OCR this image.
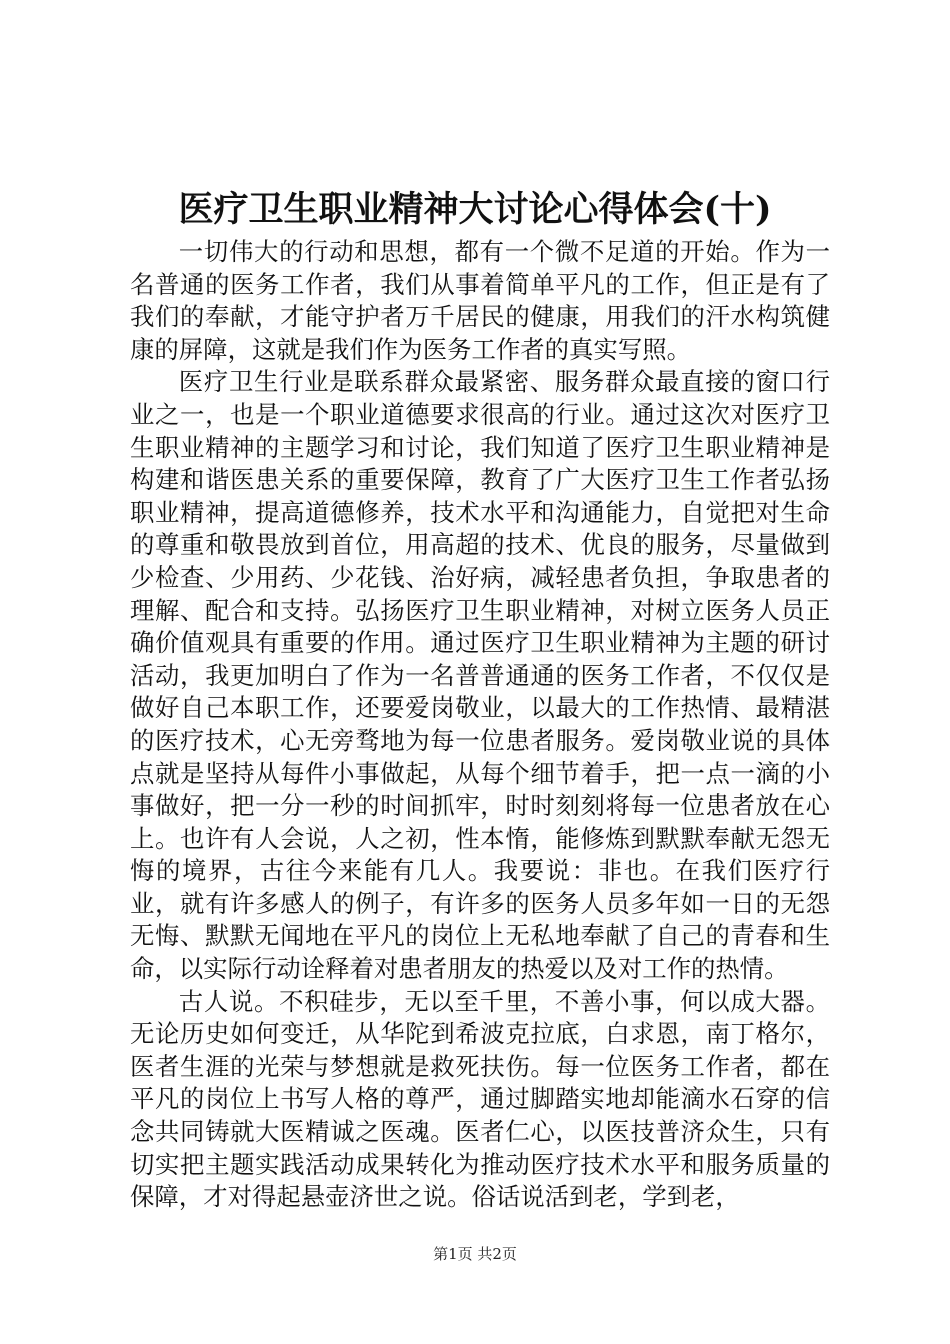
医疗卫生职业精神大讨论心得体会(十)

一切伟大的行动和思想，都有一个微不足道的开始。作为一名普通的医务工作者，我们从事着简单平凡的工作，但正是有了我们的奉献，才能守护者万千居民的健康，用我们的汗水构筑健康的屏障，这就是我们作为医务工作者的真实写照。

医疗卫生行业是联系群众最紧密、服务群众最直接的窗口行业之一，也是一个职业道德要求很高的行业。通过这次对医疗卫生职业精神的主题学习和讨论，我们知道了医疗卫生职业精神是构建和谐医患关系的重要保障，教育了广大医疗卫生工作者弘扬职业精神，提高道德修养，技术水平和沟通能力，自觉把对生命的尊重和敬畏放到首位，用高超的技术、优良的服务，尽量做到少检查、少用药、少花钱、治好病，减轻患者负担，争取患者的理解、配合和支持。弘扬医疗卫生职业精神，对树立医务人员正确价值观具有重要的作用。通过医疗卫生职业精神为主题的研讨活动，我更加明白了作为一名普普通通的医务工作者，不仅仅是做好自己本职工作，还要爱岗敬业，以最大的工作热情、最精湛的医疗技术，心无旁骛地为每一位患者服务。爱岗敬业说的具体点就是坚持从每件小事做起，从每个细节着手，把一点一滴的小事做好，把一分一秒的时间抓牢，时时刻刻将每一位患者放在心上。也许有人会说，人之初，性本惰，能修炼到默默奉献无怨无悔的境界，古往今来能有几人。我要说：非也。在我们医疗行业，就有许多感人的例子，有许多的医务人员多年如一日的无怨无悔、默默无闻地在平凡的岗位上无私地奉献了自己的青春和生命，以实际行动诠释着对患者朋友的热爱以及对工作的热情。

古人说。不积硅步，无以至千里，不善小事，何以成大器。无论历史如何变迁，从华陀到希波克拉底，白求恩，南丁格尔，医者生涯的光荣与梦想就是救死扶伤。每一位医务工作者，都在平凡的岗位上书写人格的尊严，通过脚踏实地却能滴水石穿的信念共同铸就大医精诚之医魂。医者仁心，以医技普济众生，只有切实把主题实践活动成果转化为推动医疗技术水平和服务质量的保障，才对得起悬壶济世之说。俗话说活到老，学到老，

第1页 共2页
